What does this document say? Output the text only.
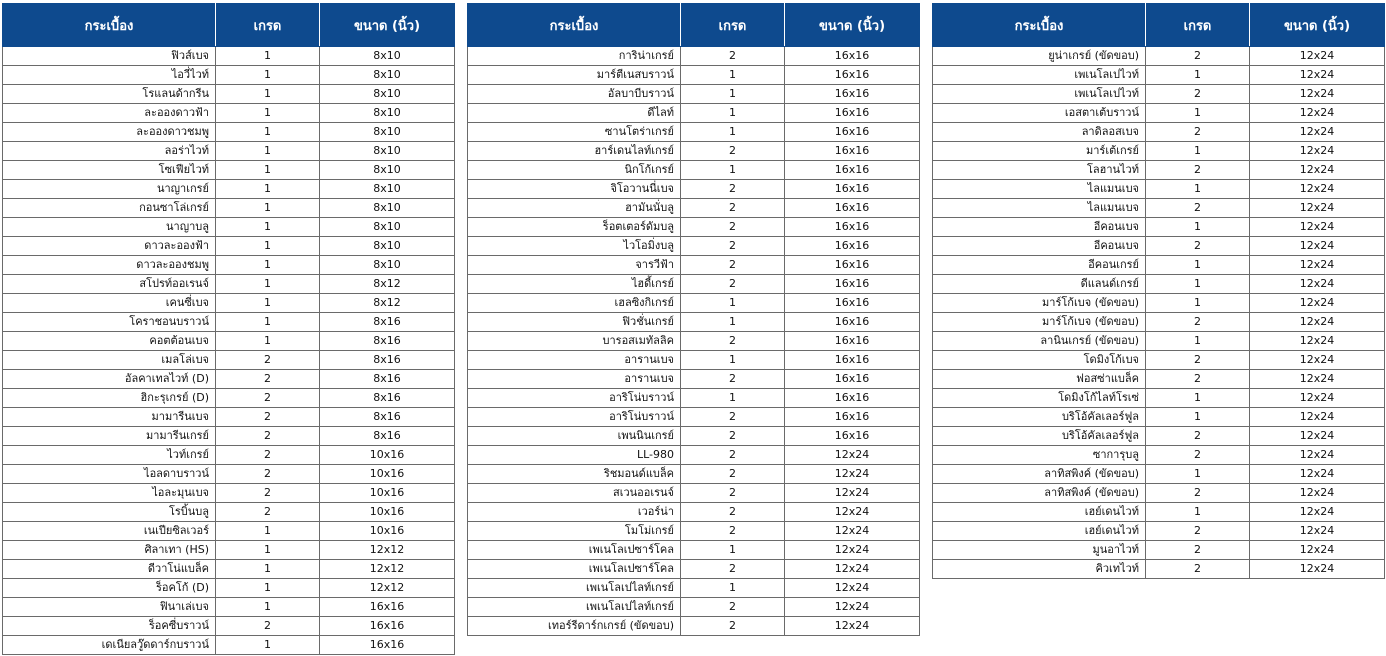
กระเบื้อง	เกรด	ขนาด (นิ้ว)
ฟิวส์เบจ	1	8x10
ไอวี่ไวท์	1	8x10
โรแลนด้ากรีน	1	8x10
ละอองดาวฟ้า	1	8x10
ละอองดาวชมพู	1	8x10
ลอร่าไวท์	1	8x10
โซเฟียไวท์	1	8x10
นาญาเกรย์	1	8x10
กอนซาโล่เกรย์	1	8x10
นาญาบลู	1	8x10
ดาวละอองฟ้า	1	8x10
ดาวละอองชมพู	1	8x10
สโปรท์ออเรนจ์	1	8x12
เคนซี่เบจ	1	8x12
โคราชอนบราวน์	1	8x16
คอตต้อนเบจ	1	8x16
เมลโล่เบจ	2	8x16
อัลคาเทลไวท์ (D)	2	8x16
ฮิกะรุเกรย์ (D)	2	8x16
มามารีนเบจ	2	8x16
มามารีนเกรย์	2	8x16
ไวท์เกรย์	2	10x16
ไอลดาบราวน์	2	10x16
ไอละมุนเบจ	2	10x16
โรบิ้นบลู	2	10x16
เนเปียซิลเวอร์	1	10x16
ศิลาเทา (HS)	1	12x12
ดีวาโน่แบล็ค	1	12x12
ร็อคโก้ (D)	1	12x12
ฟินาเล่เบจ	1	16x16
ร็อคซี่บราวน์	2	16x16
เดเนียลวู๊ดดาร์กบราวน์	1	16x16
กระเบื้อง	เกรด	ขนาด (นิ้ว)
การิน่าเกรย์	2	16x16
มาร์ตีเนสบราวน์	1	16x16
อัลบาบีบราวน์	1	16x16
ดีไลท์	1	16x16
ซานโตร่าเกรย์	1	16x16
ฮาร์เดนไลท์เกรย์	2	16x16
นิกโก้เกรย์	1	16x16
จิโอวานนี่เบจ	2	16x16
ฮามันนั่บลู	2	16x16
ร็อตเตอร์ดัมบลู	2	16x16
ไวโอมิ่งบลู	2	16x16
จารวีฟ้า	2	16x16
ไฮดี้เกรย์	2	16x16
เฮลซิงกิเกรย์	1	16x16
ฟิวชั่นเกรย์	1	16x16
บารอสเมทัลลิค	2	16x16
อารานเบจ	1	16x16
อารานเบจ	2	16x16
อาริโน่บราวน์	1	16x16
อาริโน่บราวน์	2	16x16
เพนนินเกรย์	2	16x16
LL-980	2	12x24
ริชมอนด์แบล็ค	2	12x24
สเวนออเรนจ์	2	12x24
เวอร์น่า	2	12x24
โมโม่เกรย์	2	12x24
เพเนโลเปซาร์โคล	1	12x24
เพเนโลเปซาร์โคล	2	12x24
เพเนโลเปไลท์เกรย์	1	12x24
เพเนโลเปไลท์เกรย์	2	12x24
เทอร์รีดาร์กเกรย์ (ขัดขอบ)	2	12x24
กระเบื้อง	เกรด	ขนาด (นิ้ว)
ยูน่าเกรย์ (ขัดขอบ)	2	12x24
เพเนโลเปไวท์	1	12x24
เพเนโลเปไวท์	2	12x24
เอสตาเต้บราวน์	1	12x24
ลาดิลอสเบจ	2	12x24
มาร์เต้เกรย์	1	12x24
โลฮานไวท์	2	12x24
ไลแมนเบจ	1	12x24
ไลแมนเบจ	2	12x24
อีคอนเบจ	1	12x24
อีคอนเบจ	2	12x24
อีคอนเกรย์	1	12x24
ดีแลนด์เกรย์	1	12x24
มาร์โก้เบจ (ขัดขอบ)	1	12x24
มาร์โก้เบจ (ขัดขอบ)	2	12x24
ลานินเกรย์ (ขัดขอบ)	1	12x24
โดมิงโก้เบจ	2	12x24
ฟอสซ่าแบล็ค	2	12x24
โดมิงโก้ไลท์โรเซ่	1	12x24
บริโอ้คัลเลอร์ฟูล	1	12x24
บริโอ้คัลเลอร์ฟูล	2	12x24
ซาการุบลู	2	12x24
ลาทิสพิงค์ (ขัดขอบ)	1	12x24
ลาทิสพิงค์ (ขัดขอบ)	2	12x24
เฮย์เดนไวท์	1	12x24
เฮย์เดนไวท์	2	12x24
มูนอาไวท์	2	12x24
คิวเทไวท์	2	12x24
